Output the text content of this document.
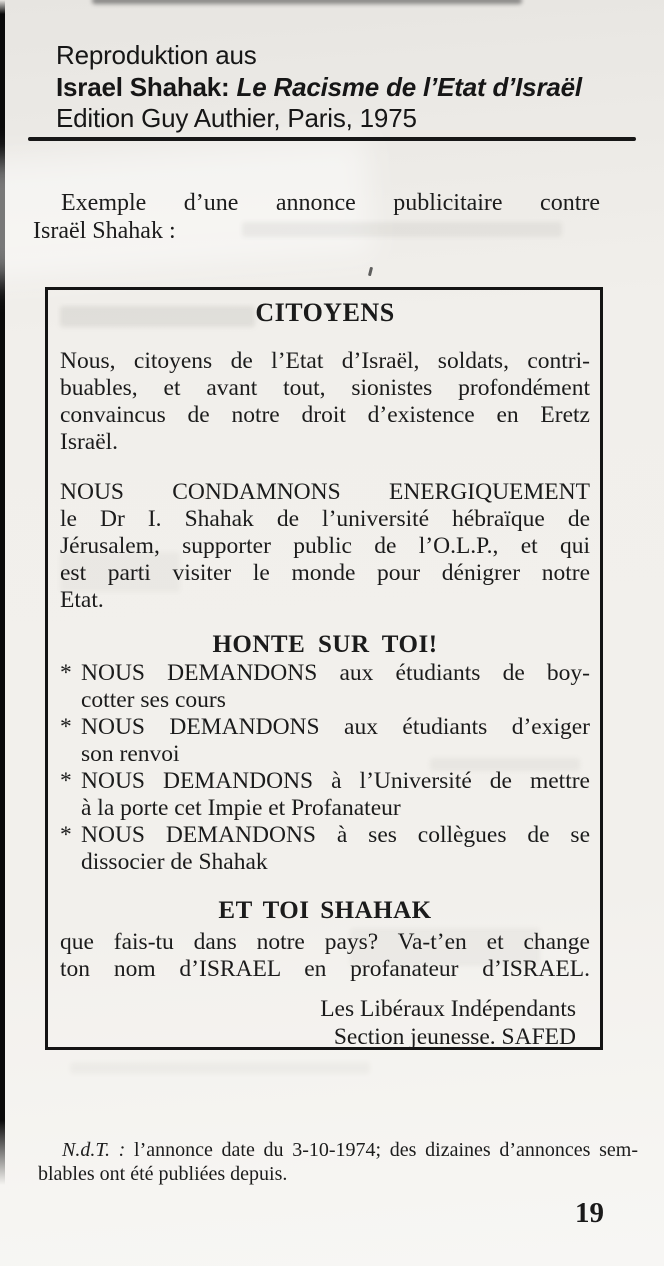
Reproduktion aus
Israel Shahak: Le Racisme de l’Etat d’Israël
Edition Guy Authier, Paris, 1975
Exemple d’une annonce publicitaire contre
Israël Shahak :
CITOYENS
Nous, citoyens de l’Etat d’Israël, soldats, contri-
buables, et avant tout, sionistes profondément
convaincus de notre droit d’existence en Eretz
Israël.
NOUS CONDAMNONS ENERGIQUEMENT
le Dr I. Shahak de l’université hébraïque de
Jérusalem, supporter public de l’O.L.P., et qui
est parti visiter le monde pour dénigrer notre
Etat.
HONTE SUR TOI!
* NOUS DEMANDONS aux étudiants de boy-
cotter ses cours
* NOUS DEMANDONS aux étudiants d’exiger
son renvoi
* NOUS DEMANDONS à l’Université de mettre
à la porte cet Impie et Profanateur
* NOUS DEMANDONS à ses collègues de se
dissocier de Shahak
ET TOI SHAHAK
que fais-tu dans notre pays? Va-t’en et change
ton nom d’ISRAEL en profanateur d’ISRAEL.
Les Libéraux Indépendants
Section jeunesse. SAFED
N.d.T. : l’annonce date du 3-10-1974; des dizaines d’annonces sem-
blables ont été publiées depuis.
19
